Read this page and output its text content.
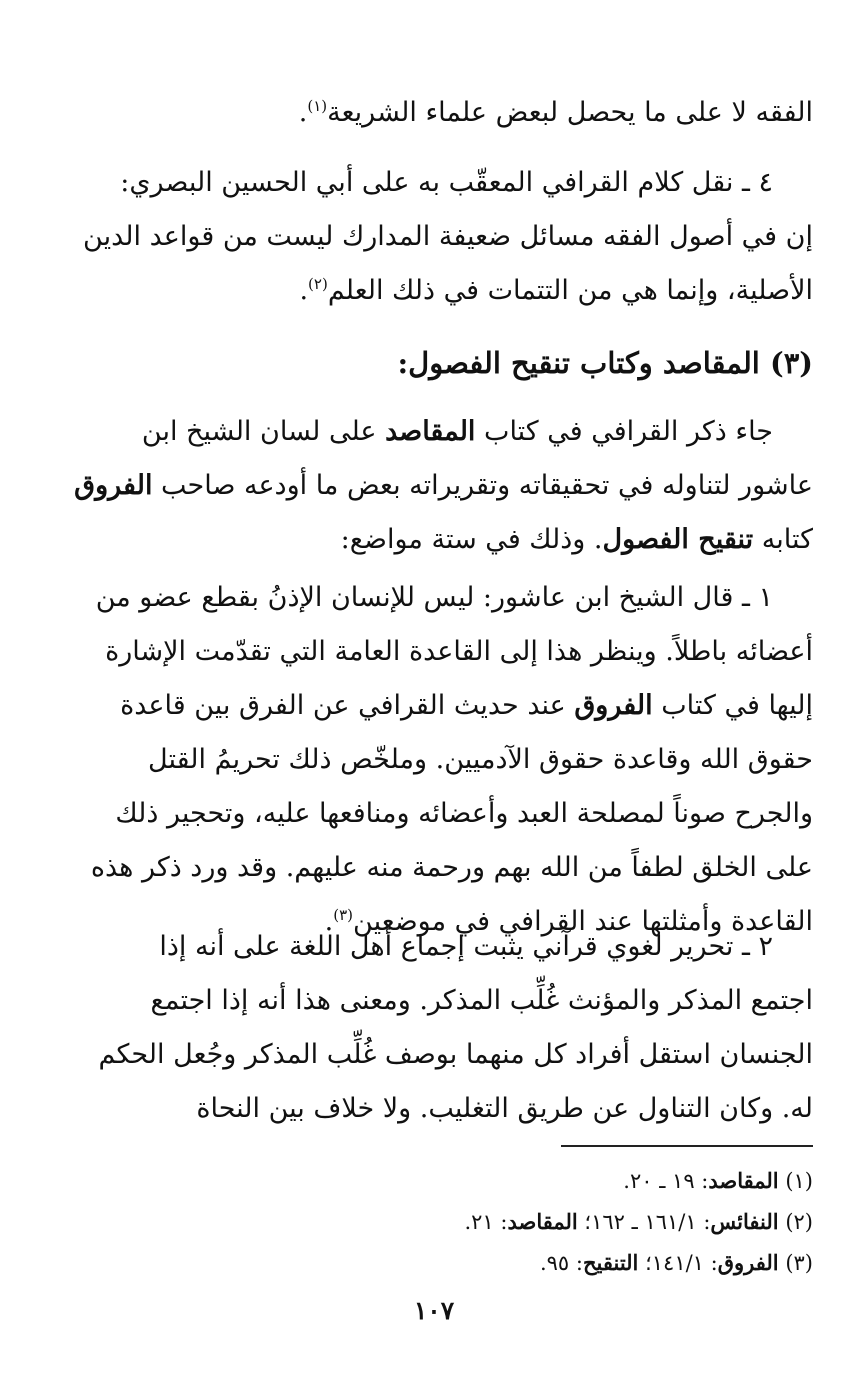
الفقه لا على ما يحصل لبعض علماء الشريعة$^{(١)}$.
٤ ـ نقل كلام القرافي المعقّب به على أبي الحسين البصري:
إن في أصول الفقه مسائل ضعيفة المدارك ليست من قواعد الدين
الأصلية، وإنما هي من التتمات في ذلك العلم$^{(٢)}$.
(٣) المقاصد وكتاب تنقيح الفصول:
جاء ذكر القرافي في كتاب المقاصد على لسان الشيخ ابن
عاشور لتناوله في تحقيقاته وتقريراته بعض ما أودعه صاحب الفروق
كتابه تنقيح الفصول. وذلك في ستة مواضع:
١ ـ قال الشيخ ابن عاشور: ليس للإنسان الإذنُ بقطع عضو من
أعضائه باطلاً. وينظر هذا إلى القاعدة العامة التي تقدّمت الإشارة
إليها في كتاب الفروق عند حديث القرافي عن الفرق بين قاعدة
حقوق الله وقاعدة حقوق الآدميين. وملخّص ذلك تحريمُ القتل
والجرح صوناً لمصلحة العبد وأعضائه ومنافعها عليه، وتحجير ذلك
على الخلق لطفاً من الله بهم ورحمة منه عليهم. وقد ورد ذكر هذه
القاعدة وأمثلتها عند القرافي في موضعين$^{(٣)}$.
٢ ـ تحرير لغوي قرآني يثبت إجماع أهل اللغة على أنه إذا
اجتمع المذكر والمؤنث غُلِّب المذكر. ومعنى هذا أنه إذا اجتمع
الجنسان استقل أفراد كل منهما بوصف غُلِّب المذكر وجُعل الحكم
له. وكان التناول عن طريق التغليب. ولا خلاف بين النحاة
(١) المقاصد: ١٩ ـ ٢٠.
(٢) النفائس: ١٦١/١ ـ ١٦٢؛ المقاصد: ٢١.
(٣) الفروق: ١٤١/١؛ التنقيح: ٩٥.
١٠٧
